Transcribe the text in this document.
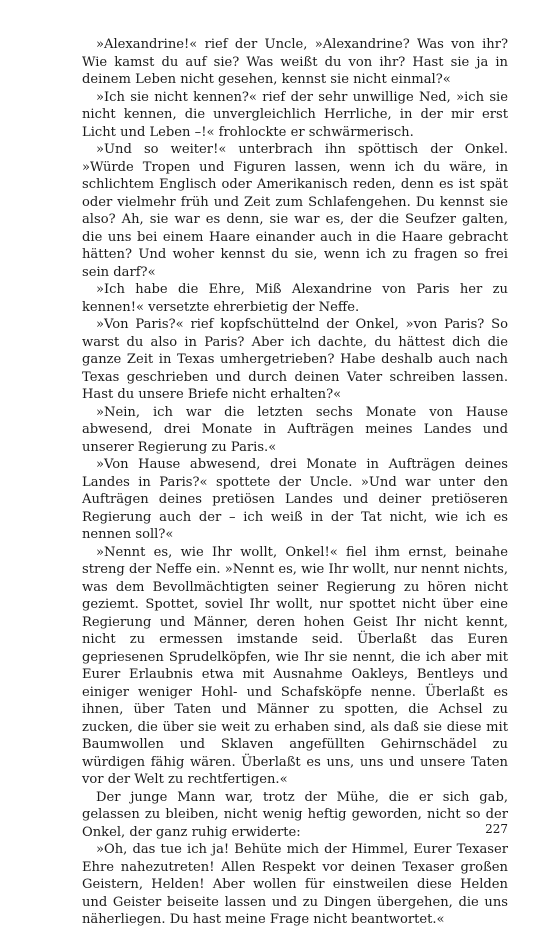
»Alexandrine!« rief der Uncle, »Alexandrine? Was von ihr? Wie kamst du auf sie? Was weißt du von ihr? Hast sie ja in deinem Leben nicht gesehen, kennst sie nicht einmal?«

»Ich sie nicht kennen?« rief der sehr unwillige Ned, »ich sie nicht kennen, die unvergleichlich Herrliche, in der mir erst Licht und Leben –!« frohlockte er schwärmerisch.

»Und so weiter!« unterbrach ihn spöttisch der Onkel. »Würde Tropen und Figuren lassen, wenn ich du wäre, in schlichtem Englisch oder Amerikanisch reden, denn es ist spät oder vielmehr früh und Zeit zum Schlafengehen. Du kennst sie also? Ah, sie war es denn, sie war es, der die Seufzer galten, die uns bei einem Haare einander auch in die Haare gebracht hätten? Und woher kennst du sie, wenn ich zu fragen so frei sein darf?«

»Ich habe die Ehre, Miß Alexandrine von Paris her zu kennen!« versetzte ehrerbietig der Neffe.

»Von Paris?« rief kopfschüttelnd der Onkel, »von Paris? So warst du also in Paris? Aber ich dachte, du hättest dich die ganze Zeit in Texas umhergetrieben? Habe deshalb auch nach Texas geschrieben und durch deinen Vater schreiben lassen. Hast du unsere Briefe nicht erhalten?«

»Nein, ich war die letzten sechs Monate von Hause abwesend, drei Monate in Aufträgen meines Landes und unserer Regierung zu Paris.«

»Von Hause abwesend, drei Monate in Aufträgen deines Landes in Paris?« spottete der Uncle. »Und war unter den Aufträgen deines pretiösen Landes und deiner pretiöseren Regierung auch der – ich weiß in der Tat nicht, wie ich es nennen soll?«

»Nennt es, wie Ihr wollt, Onkel!« fiel ihm ernst, beinahe streng der Neffe ein. »Nennt es, wie Ihr wollt, nur nennt nichts, was dem Bevollmächtigten seiner Regierung zu hören nicht geziemt. Spottet, soviel Ihr wollt, nur spottet nicht über eine Regierung und Männer, deren hohen Geist Ihr nicht kennt, nicht zu ermessen imstande seid. Überlaßt das Euren gepriesenen Sprudelköpfen, wie Ihr sie nennt, die ich aber mit Eurer Erlaubnis etwa mit Ausnahme Oakleys, Bentleys und einiger weniger Hohl- und Schafsköpfe nenne. Überlaßt es ihnen, über Taten und Männer zu spotten, die Achsel zu zucken, die über sie weit zu erhaben sind, als daß sie diese mit Baumwollen und Sklaven angefüllten Gehirnschädel zu würdigen fähig wären. Überlaßt es uns, uns und unsere Taten vor der Welt zu rechtfertigen.«

Der junge Mann war, trotz der Mühe, die er sich gab, gelassen zu bleiben, nicht wenig heftig geworden, nicht so der Onkel, der ganz ruhig erwiderte:

»Oh, das tue ich ja! Behüte mich der Himmel, Eurer Texaser Ehre nahezutreten! Allen Respekt vor deinen Texaser großen Geistern, Helden! Aber wollen für einstweilen diese Helden und Geister beiseite lassen und zu Dingen übergehen, die uns näherliegen. Du hast meine Frage nicht beantwortet.«

227
